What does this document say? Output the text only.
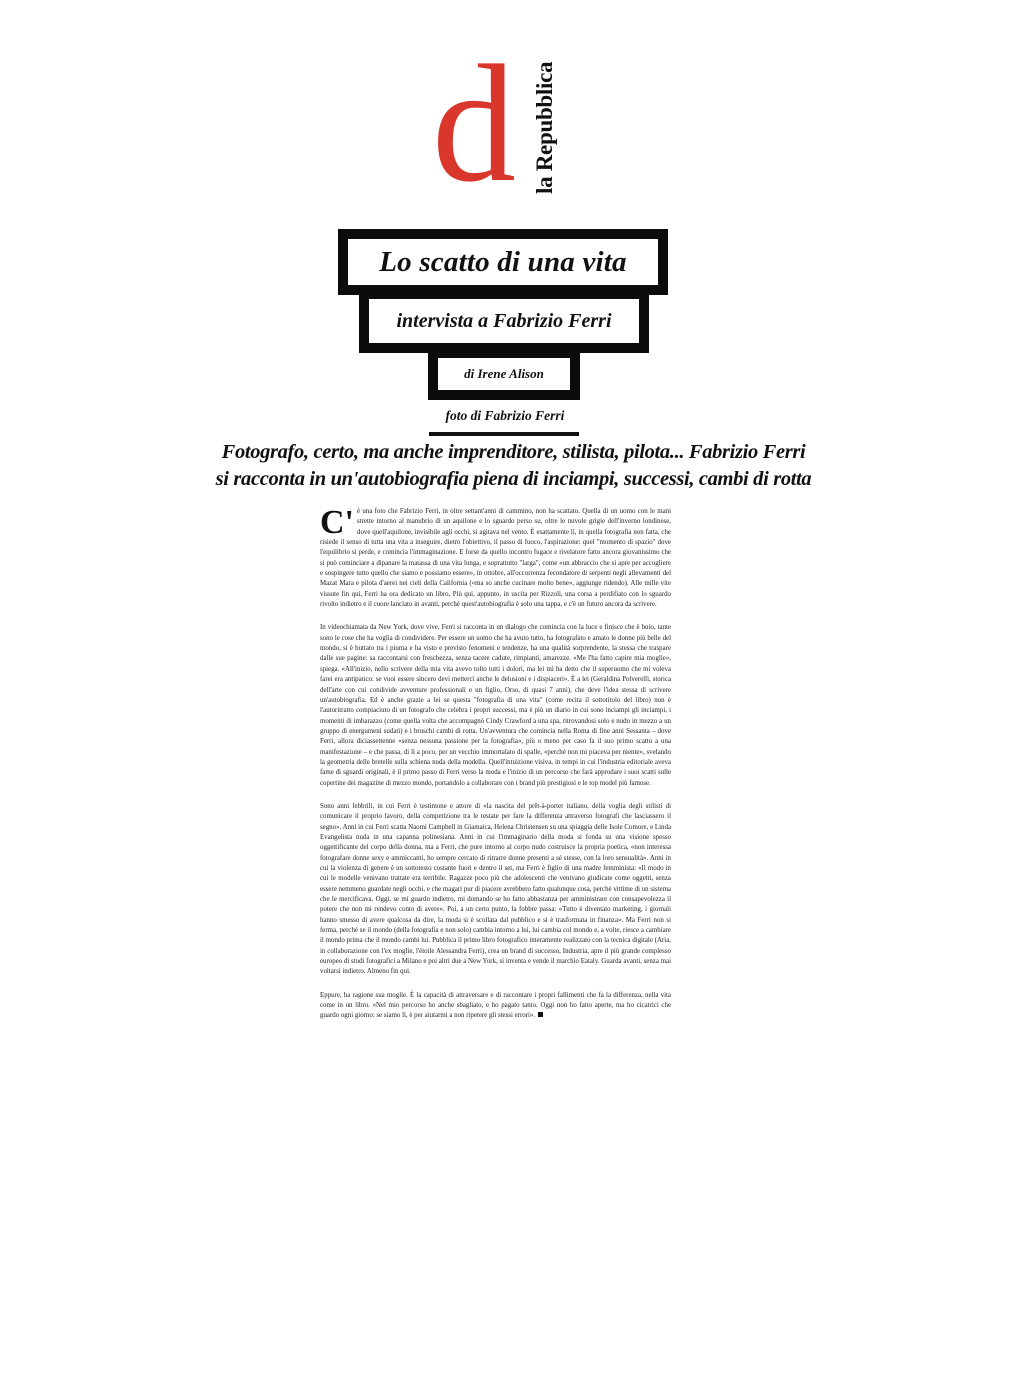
d la Repubblica
Lo scatto di una vita
intervista a Fabrizio Ferri
di Irene Alison
foto di Fabrizio Ferri
Fotografo, certo, ma anche imprenditore, stilista, pilota... Fabrizio Ferri
si racconta in un'autobiografia piena di inciampi, successi, cambi di rotta

C'è una foto che Fabrizio Ferri, in oltre settant'anni di cammino, non ha scattato. Quella di un uomo con le mani strette intorno al manubrio di un aquilone e lo sguardo perso su, oltre le nuvole grigie dell'inverno londinese, dove quell'aquilone, invisibile agli occhi, si agitava nel vento. È esattamente lì, in quella fotografia non fatta, che risiede il senso di tutta una vita a inseguire, dietro l'obiettivo, il passo di fuoco, l'aspirazione: quel "momento di spazio" dove l'equilibrio si perde, e comincia l'immaginazione. E forse da quello incontro fugace e rivelatore fatto ancora giovanissimo che si può cominciare a dipanare la matassa di una vita lunga, e soprattutto "larga", come «un abbraccio che si apre per accogliere e sospingere tutto quello che siamo e possiamo essere», in ottobre, all'occorrenza fecondatore di serpenti negli allevamenti del Mazat Mara e pilota d'aerei nei cieli della California («ma so anche cucinare molto bene», aggiunge ridendo). Alle mille vite vissute fin qui, Ferri ha ora dedicato un libro, Più qui, appunto, in uscita per Rizzoli, una corsa a perdifiato con lo sguardo rivolto indietro e il cuore lanciato in avanti, perché quest'autobiografia è solo una tappa, e c'è un futuro ancora da scrivere.

In videochiamata da New York, dove vive, Ferri si racconta in un dialogo che comincia con la luce e finisce che è buio, tante sono le cose che ha voglia di condividere. Per essere un uomo che ha avuto tutto, ha fotografato e amato le donne più belle del mondo, si è buttato tra i piuma e ha visto e previsto fenomeni e tendenze, ha una qualità sorprendente, la stessa che traspare dalle sue pagine: sa raccontarsi con freschezza, senza tacere cadute, rimpianti, amarezze. «Me l'ha fatto capire mia moglie», spiega. «All'inizio, nello scrivere della mia vita avevo tolto tutti i dolori, ma lei mi ha detto che il superuomo che mi voleva farei era antipatico: se vuoi essere sincero devi mettercì anche le delusioni e i dispiaceri». È a lei (Geraldina Polverelli, storica dell'arte con cui condivide avventure professionali e un figlio, Orso, di quasi 7 anni), che deve l'idea stessa di scrivere un'autobiografia. Ed è anche grazie a lei se questa "fotografia di una vita" (come recita il sottotitolo del libro) non è l'autoritratto compiaciuto di un fotografo che celebra i propri successi, ma è più un diario in cui sono inciampi gli inciampi, i momenti di imbarazzo (come quella volta che accompagnò Cindy Crawford a una spa, ritrovandosi solo e nudo in mezzo a un gruppo di energumeni sudati) e i bruschi cambi di rotta. Un'avventura che comincia nella Roma di fine anni Sessanta – dove Ferri, allora diciassettenne «senza nessuna passione per la fotografia», più o meno per caso fa il suo primo scatto a una manifestazione – e che passa, di lì a poco, per un vecchio immortalato di spalle, «perché non mi piaceva per niente», svelando la geometria delle bretelle sulla schiena nuda della modella. Quell'intuizione visiva, in tempi in cui l'industria editoriale aveva fame di sguardi originali, è il primo passo di Ferri verso la moda e l'inizio di un percorso che farà approdare i suoi scatti sulle copertine dei magazine di mezzo mondo, portandolo a collaborare con i brand più prestigiosi e le top model più famose.

Sono anni febbrili, in cui Ferri è testimone e attore di «la nascita del prêt-à-porter italiano, della voglia degli stilisti di comunicare il proprio lavoro, della competizione tra le testate per fare la differenza attraverso fotografi che lasciassero il segno». Anni in cui Ferri scatta Naomi Campbell in Giamaica, Helena Christensen su una spiaggia delle Isole Comore, e Linda Evangelista nuda in una capanna polinesiana. Anni in cui l'immaginario della moda si fonda su una visione spesso oggettificante del corpo della donna, ma a Ferri, che pure intorno al corpo nudo costruisce la propria poetica, «non interessa fotografare donne sexy e ammiccanti, ho sempre cercato di ritrarre donne presenti a sé stesse, con la loro sensualità». Anni in cui la violenza di genere è un sottotesto costante fuori e dentro il set, ma Ferri è figlio di una madre femminista: «Il modo in cui le modelle venivano trattate era terribile. Ragazze poco più che adolescenti che venivano giudicate come oggetti, senza essere nemmeno guardate negli occhi, e che magari pur di piacere avrebbero fatto qualunque cosa, perché vittime di un sistema che le mercificava. Oggi, se mi guardo indietro, mi domando se ho fatto abbastanza per amministrare con consapevolezza il potere che non mi rendevo conto di avere». Poi, a un certo punto, la fobbre passa: «Tutto è diventato marketing, i giornali hanno smesso di avere qualcosa da dire, la moda si è scollata dal pubblico e si è trasformata in finanza». Ma Ferri non si ferma, perché se il mondo (della fotografia e non solo) cambia intorno a lui, lui cambia col mondo e, a volte, riesce a cambiare il mondo prima che il mondo cambi lui. Pubblica il primo libro fotografico interamente realizzato con la tecnica digitale (Aria, in collaborazione con l'ex moglie, l'étoile Alessandra Ferri), crea un brand di successo, Industria, apre il più grande complesso europeo di studi fotografici a Milano e poi altri due a New York, si inventa e vende il marchio Eataly. Guarda avanti, senza mai voltarsi indietro. Almeno fin qui.

Eppure, ha ragione sua moglie. È la capacità di attraversare e di raccontare i propri fallimenti che fa la differenza, nella vita come in un libro. «Nel mio percorso ho anche sbagliato, e ho pagato tanto. Oggi non ho fatto aperte, ma ho cicatrici che guardo ogni giorno: se siamo lì, è per aiutarmi a non ripetere gli stessi errori».
